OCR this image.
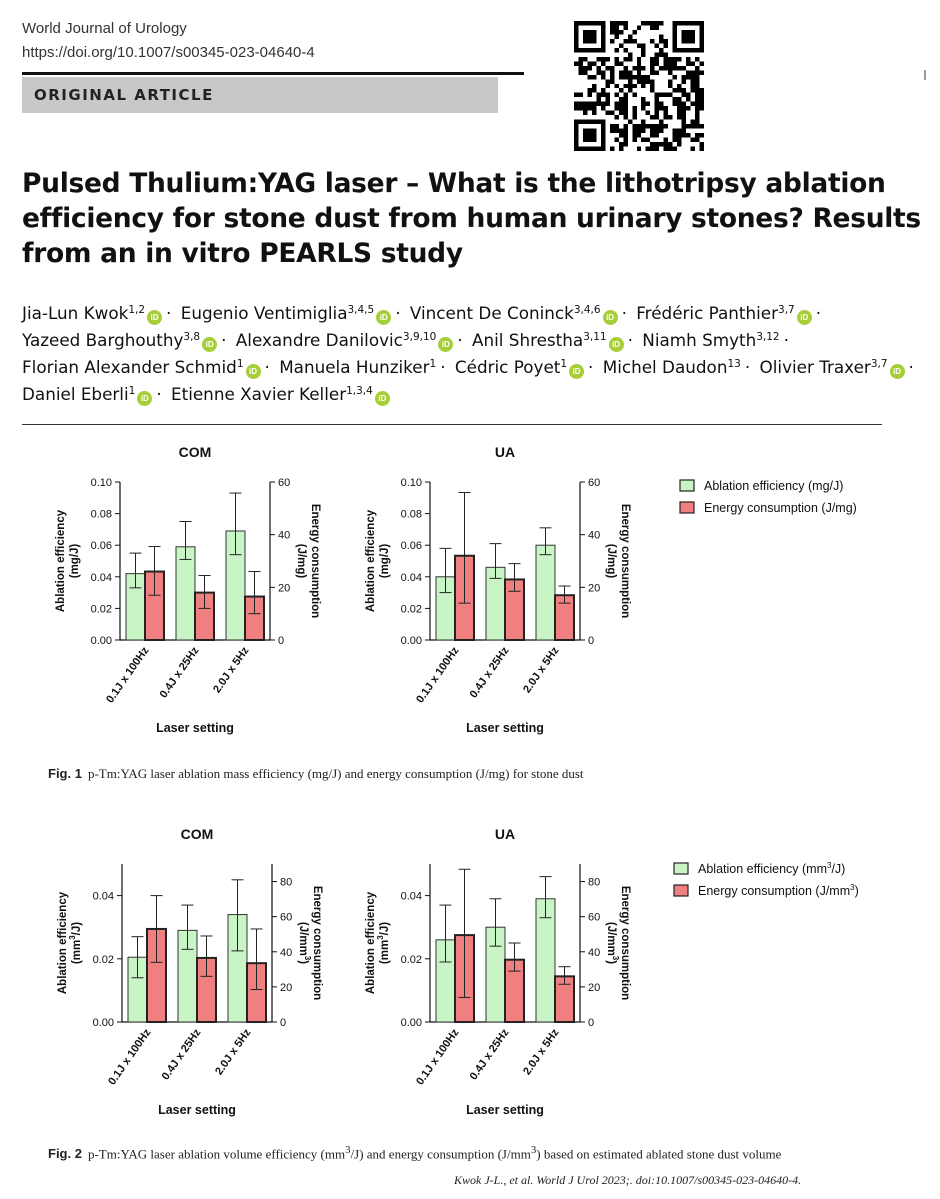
World Journal of Urology
https://doi.org/10.1007/s00345-023-04640-4
ORIGINAL ARTICLE
Pulsed Thulium:YAG laser – What is the lithotripsy ablation efficiency for stone dust from human urinary stones? Results from an in vitro PEARLS study
Jia-Lun Kwok$^{1,2}$iD · Eugenio Ventimiglia$^{3,4,5}$iD · Vincent De Coninck$^{3,4,6}$iD · Frédéric Panthier$^{3,7}$iD · Yazeed Barghouthy$^{3,8}$iD · Alexandre Danilovic$^{3,9,10}$iD · Anil Shrestha$^{3,11}$iD · Niamh Smyth$^{3,12}$ · Florian Alexander Schmid$^1$iD · Manuela Hunziker$^1$ · Cédric Poyet$^1$iD · Michel Daudon$^{13}$ · Olivier Traxer$^{3,7}$iD · Daniel Eberli$^1$iD · Etienne Xavier Keller$^{1,3,4}$iD
COM
0.00
0.02
0.04
0.06
0.08
0.10
0
20
40
60
Ablation efficiency (mg/J)	Energy consumption(J/mg)
0.1J x 100Hz 0.4J x 25Hz 2.0J x 5Hz
Laser setting
UA
0.00
0.02
0.04
0.06
0.08
0.10
0
20
40
60
Ablation efficiency (mg/J)	Energy consumption(J/mg)
0.1J x 100Hz 0.4J x 25Hz 2.0J x 5Hz
Laser setting
Ablation efficiency (mg/J)
Energy consumption (J/mg)
Fig. 1 p-Tm:YAG laser ablation mass efficiency (mg/J) and energy consumption (J/mg) for stone dust
COM
0.00
0.02
0.04
0
20
40
60
80
Ablation efficiency $(mm^3/J)$	Energy $consumption(J/mm^3)$
0.1J x 100Hz 0.4J x 25Hz 2.0J x 5Hz
Laser setting
UA
0.00
0.02
0.04
0
20
40
60
80
Ablation efficiency $(mm^3/J)$	Energy $consumption(J/mm^3)$
0.1J x 100Hz 0.4J x 25Hz 2.0J x 5Hz
Laser setting
Ablation efficiency $(mm^3/J)$
Energy consumption $(J/mm^3)$
Fig. 2 p-Tm:YAG laser ablation volume efficiency $(mm^3/J)$ and energy consumption $(J/mm^3)$ based on estimated ablated stone dust volume
Kwok J-L., et al. World J Urol 2023;. doi:10.1007/s00345-023-04640-4.
